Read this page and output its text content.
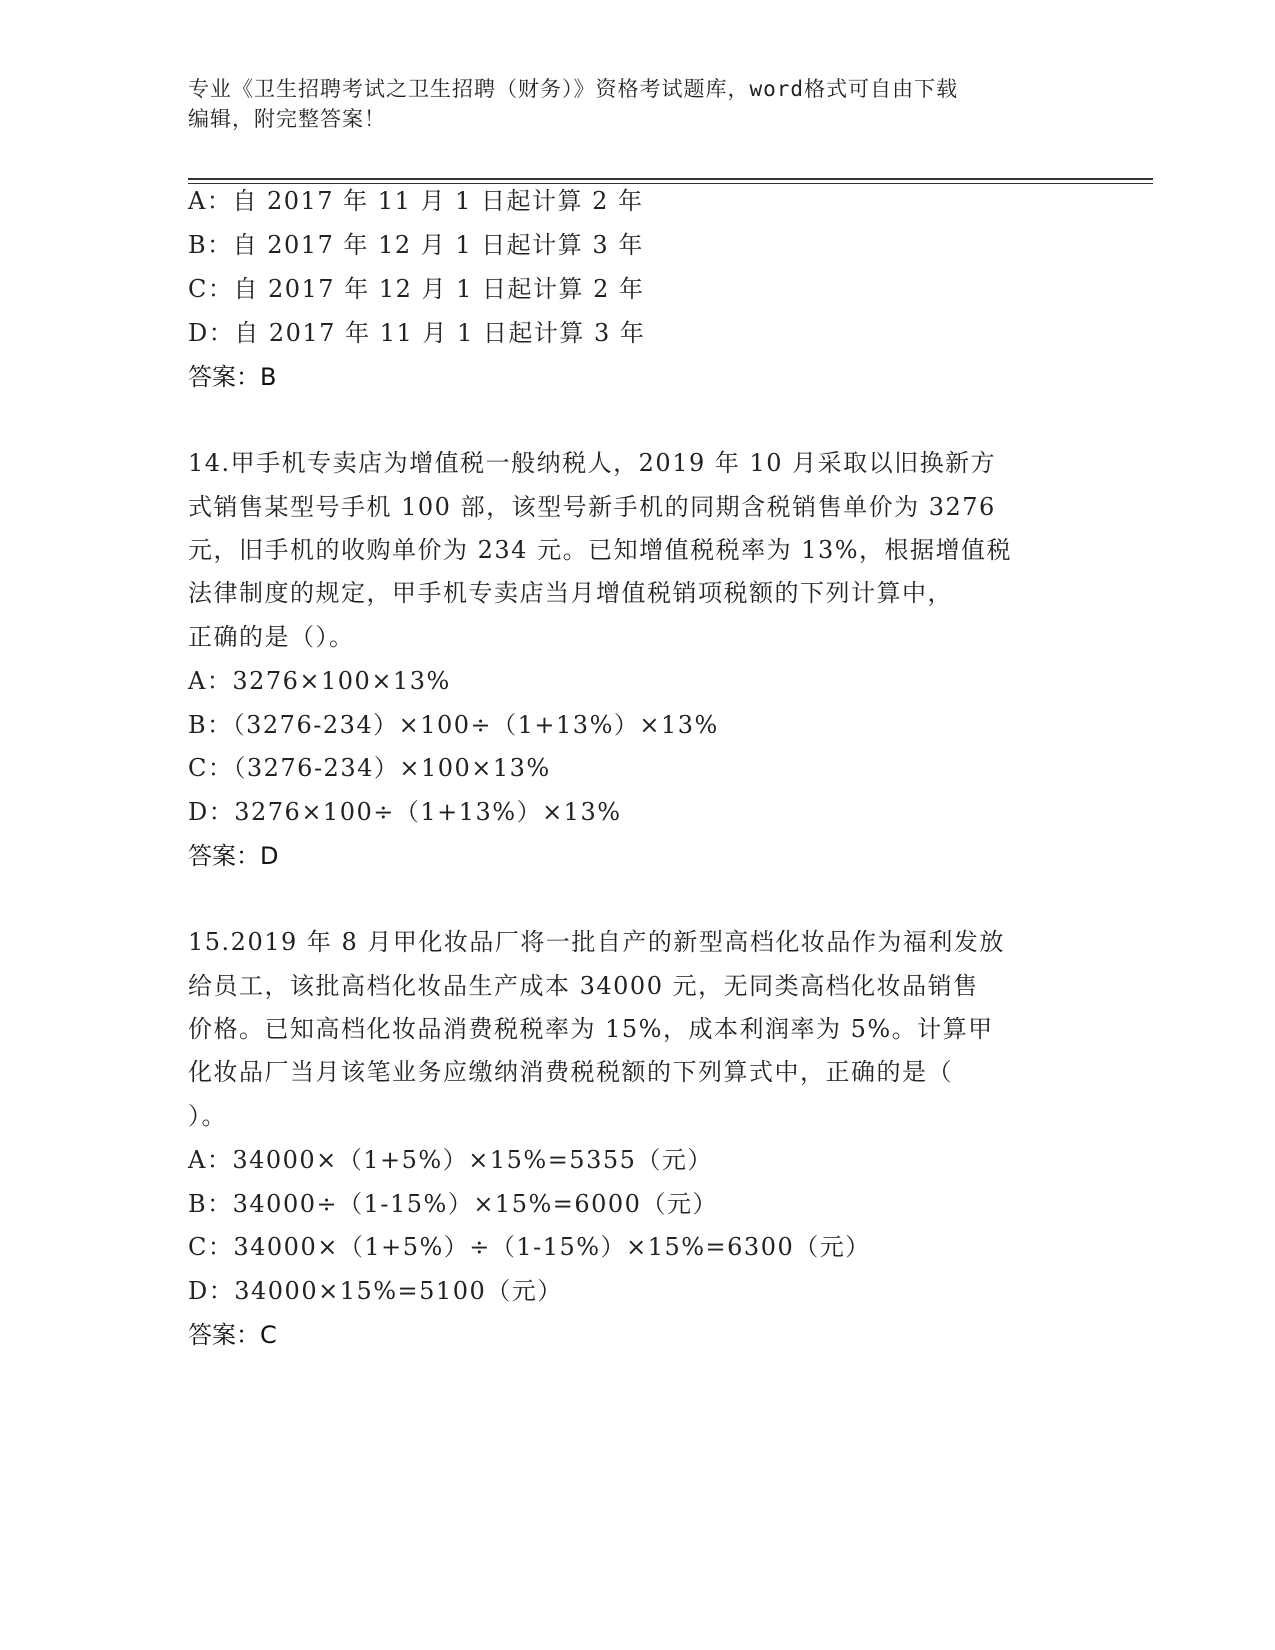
专业《卫生招聘考试之卫生招聘（财务）》资格考试题库，word格式可自由下载
编辑，附完整答案！
A：自 2017 年 11 月 1 日起计算 2 年
B：自 2017 年 12 月 1 日起计算 3 年
C：自 2017 年 12 月 1 日起计算 2 年
D：自 2017 年 11 月 1 日起计算 3 年
答案：B
14.甲手机专卖店为增值税一般纳税人，2019 年 10 月采取以旧换新方
式销售某型号手机 100 部，该型号新手机的同期含税销售单价为 3276
元，旧手机的收购单价为 234 元。已知增值税税率为 13%，根据增值税
法律制度的规定，甲手机专卖店当月增值税销项税额的下列计算中，
正确的是（）。
A：3276×100×13%
B：（3276-234）×100÷（1+13%）×13%
C：（3276-234）×100×13%
D：3276×100÷（1+13%）×13%
答案：D
15.2019 年 8 月甲化妆品厂将一批自产的新型高档化妆品作为福利发放
给员工，该批高档化妆品生产成本 34000 元，无同类高档化妆品销售
价格。已知高档化妆品消费税税率为 15%，成本利润率为 5%。计算甲
化妆品厂当月该笔业务应缴纳消费税税额的下列算式中，正确的是（
）。
A：34000×（1+5%）×15%=5355（元）
B：34000÷（1-15%）×15%=6000（元）
C：34000×（1+5%）÷（1-15%）×15%=6300（元）
D：34000×15%=5100（元）
答案：C
